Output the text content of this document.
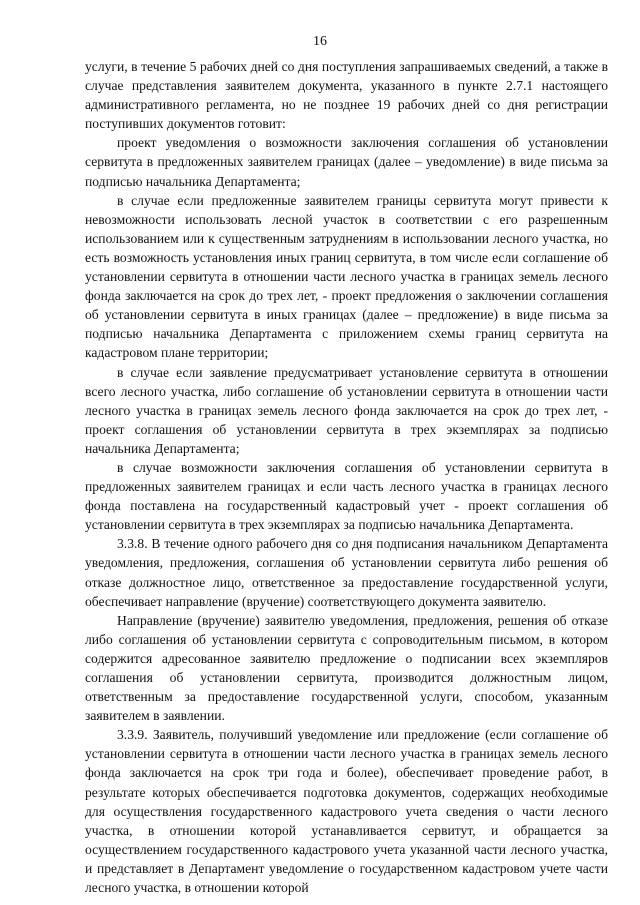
16

услуги, в течение 5 рабочих дней со дня поступления запрашиваемых сведений, а также в случае представления заявителем документа, указанного в пункте 2.7.1 настоящего административного регламента, но не позднее 19 рабочих дней со дня регистрации поступивших документов готовит:

проект уведомления о возможности заключения соглашения об установлении сервитута в предложенных заявителем границах (далее – уведомление) в виде письма за подписью начальника Департамента;

в случае если предложенные заявителем границы сервитута могут привести к невозможности использовать лесной участок в соответствии с его разрешенным использованием или к существенным затруднениям в использовании лесного участка, но есть возможность установления иных границ сервитута, в том числе если соглашение об установлении сервитута в отношении части лесного участка в границах земель лесного фонда заключается на срок до трех лет, - проект предложения о заключении соглашения об установлении сервитута в иных границах (далее – предложение) в виде письма за подписью начальника Департамента с приложением схемы границ сервитута на кадастровом плане территории;

в случае если заявление предусматривает установление сервитута в отношении всего лесного участка, либо соглашение об установлении сервитута в отношении части лесного участка в границах земель лесного фонда заключается на срок до трех лет, - проект соглашения об установлении сервитута в трех экземплярах за подписью начальника Департамента;

в случае возможности заключения соглашения об установлении сервитута в предложенных заявителем границах и если часть лесного участка в границах лесного фонда поставлена на государственный кадастровый учет - проект соглашения об установлении сервитута в трех экземплярах за подписью начальника Департамента.

3.3.8. В течение одного рабочего дня со дня подписания начальником Департамента уведомления, предложения, соглашения об установлении сервитута либо решения об отказе должностное лицо, ответственное за предоставление государственной услуги, обеспечивает направление (вручение) соответствующего документа заявителю.

Направление (вручение) заявителю уведомления, предложения, решения об отказе либо соглашения об установлении сервитута с сопроводительным письмом, в котором содержится адресованное заявителю предложение о подписании всех экземпляров соглашения об установлении сервитута, производится должностным лицом, ответственным за предоставление государственной услуги, способом, указанным заявителем в заявлении.

3.3.9. Заявитель, получивший уведомление или предложение (если соглашение об установлении сервитута в отношении части лесного участка в границах земель лесного фонда заключается на срок три года и более), обеспечивает проведение работ, в результате которых обеспечивается подготовка документов, содержащих необходимые для осуществления государственного кадастрового учета сведения о части лесного участка, в отношении которой устанавливается сервитут, и обращается за осуществлением государственного кадастрового учета указанной части лесного участка, и представляет в Департамент уведомление о государственном кадастровом учете части лесного участка, в отношении которой
